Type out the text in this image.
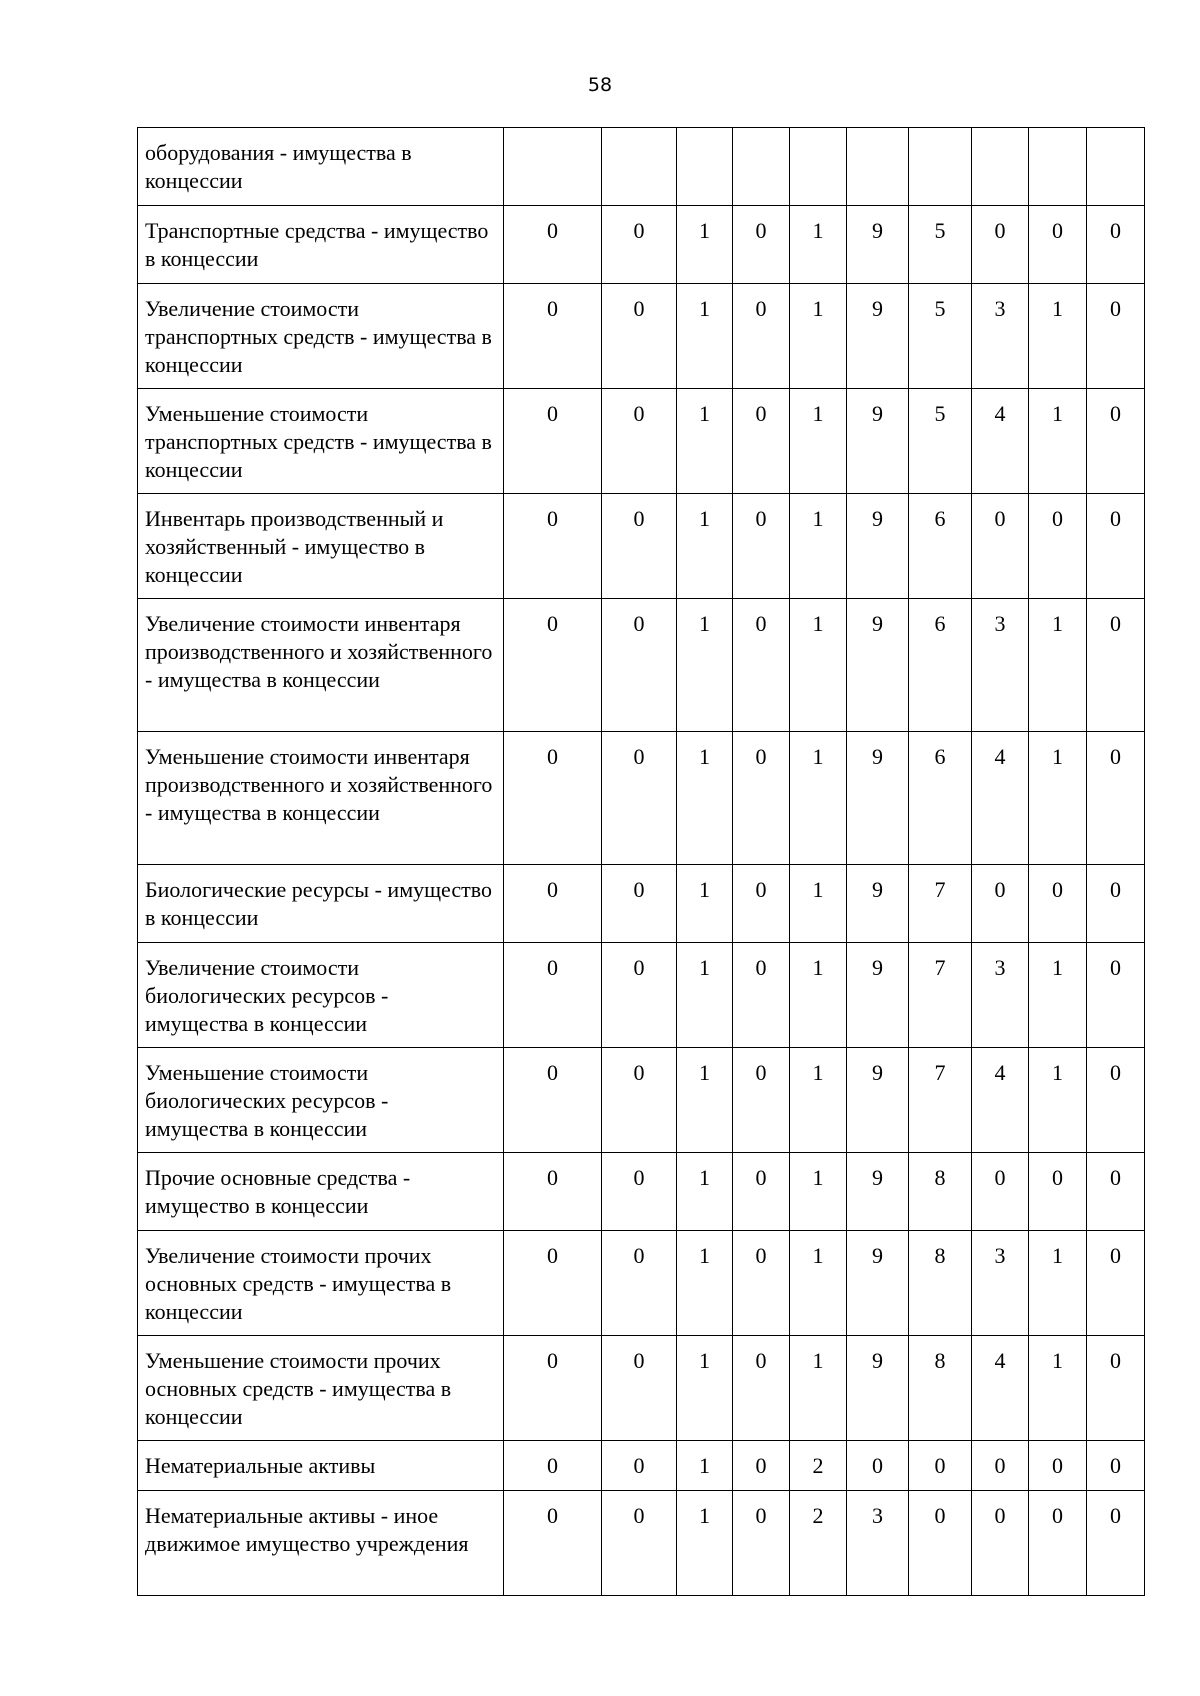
58
оборудования - имущества в концессии										
Транспортные средства - имущество в концессии	0	0	1	0	1	9	5	0	0	0
Увеличение стоимости транспортных средств - имущества в концессии	0	0	1	0	1	9	5	3	1	0
Уменьшение стоимости транспортных средств - имущества в концессии	0	0	1	0	1	9	5	4	1	0
Инвентарь производственный и хозяйственный - имущество в концессии	0	0	1	0	1	9	6	0	0	0
Увеличение стоимости инвентаря производственного и хозяйственного - имущества в концессии	0	0	1	0	1	9	6	3	1	0
Уменьшение стоимости инвентаря производственного и хозяйственного - имущества в концессии	0	0	1	0	1	9	6	4	1	0
Биологические ресурсы - имущество в концессии	0	0	1	0	1	9	7	0	0	0
Увеличение стоимости биологических ресурсов - имущества в концессии	0	0	1	0	1	9	7	3	1	0
Уменьшение стоимости биологических ресурсов - имущества в концессии	0	0	1	0	1	9	7	4	1	0
Прочие основные средства - имущество в концессии	0	0	1	0	1	9	8	0	0	0
Увеличение стоимости прочих основных средств - имущества в концессии	0	0	1	0	1	9	8	3	1	0
Уменьшение стоимости прочих основных средств - имущества в концессии	0	0	1	0	1	9	8	4	1	0
Нематериальные активы	0	0	1	0	2	0	0	0	0	0
Нематериальные активы - иное движимое имущество учреждения	0	0	1	0	2	3	0	0	0	0
